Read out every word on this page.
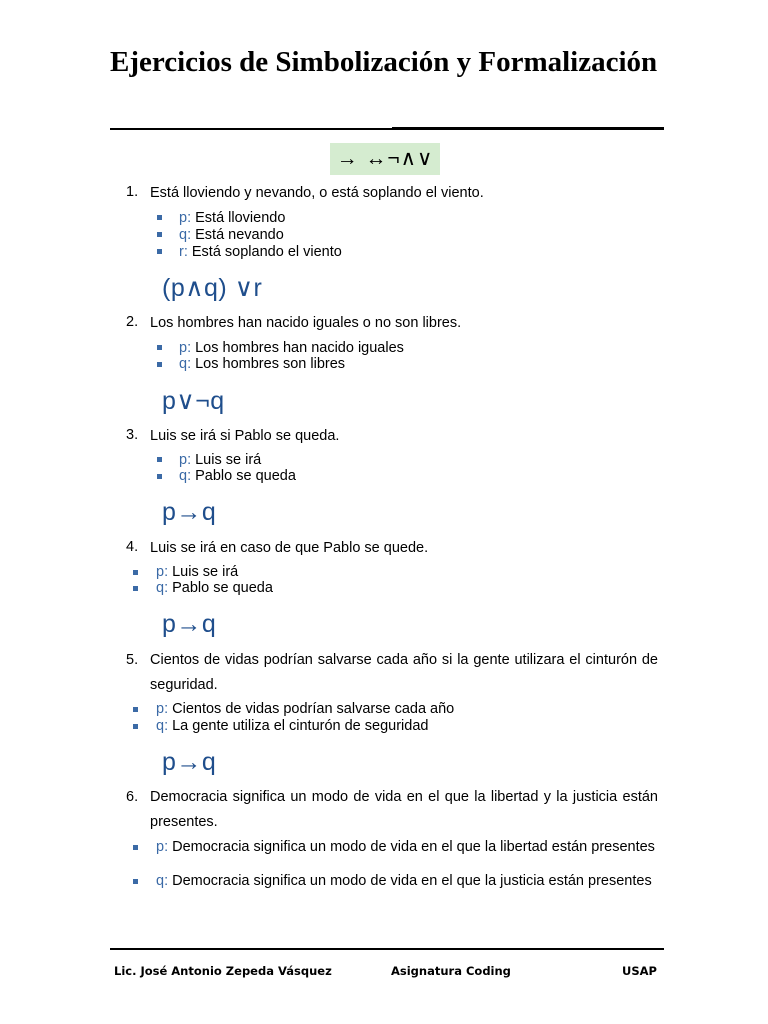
Ejercicios de Simbolización y Formalización
→ ↔¬∧∨
1. Está lloviendo y nevando, o está soplando el viento.
p: Está lloviendo
q: Está nevando
r: Está soplando el viento
(p∧q) ∨r
2. Los hombres han nacido iguales o no son libres.
p: Los hombres han nacido iguales
q: Los hombres son libres
p∨¬q
3. Luis se irá si Pablo se queda.
p: Luis se irá
q: Pablo se queda
p→q
4. Luis se irá en caso de que Pablo se quede.
p: Luis se irá
q: Pablo se queda
p→q
5. Cientos de vidas podrían salvarse cada año si la gente utilizara el cinturón de seguridad.
p: Cientos de vidas podrían salvarse cada año
q: La gente utiliza el cinturón de seguridad
p→q
6. Democracia significa un modo de vida en el que la libertad y la justicia están presentes.
p: Democracia significa un modo de vida en el que la libertad están presentes
q: Democracia significa un modo de vida en el que la justicia están presentes
Lic. José Antonio Zepeda Vásquez	Asignatura Coding	USAP
